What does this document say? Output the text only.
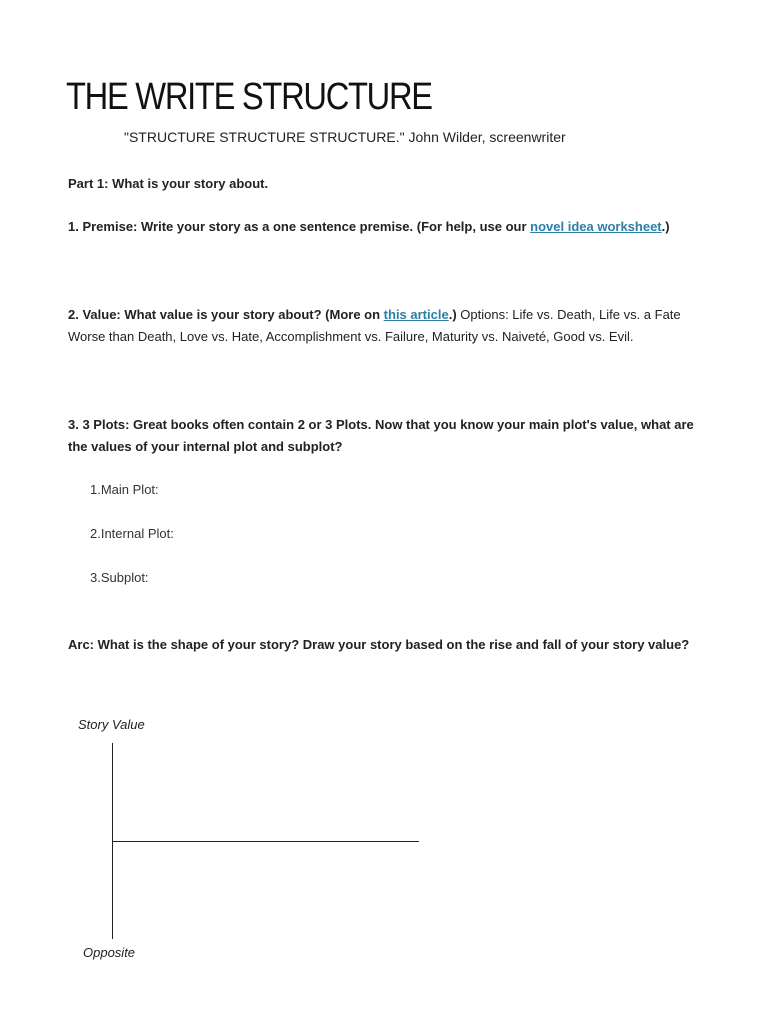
THE WRITE STRUCTURE
"STRUCTURE STRUCTURE STRUCTURE." John Wilder, screenwriter
Part 1: What is your story about.
1. Premise: Write your story as a one sentence premise. (For help, use our novel idea worksheet.)
2. Value: What value is your story about? (More on this article.) Options: Life vs. Death, Life vs. a Fate Worse than Death, Love vs. Hate, Accomplishment vs. Failure, Maturity vs. Naiveté, Good vs. Evil.
3. 3 Plots: Great books often contain 2 or 3 Plots. Now that you know your main plot's value, what are the values of your internal plot and subplot?
1.Main Plot:
2.Internal Plot:
3.Subplot:
Arc: What is the shape of your story? Draw your story based on the rise and fall of your story value?
Story Value
Opposite
